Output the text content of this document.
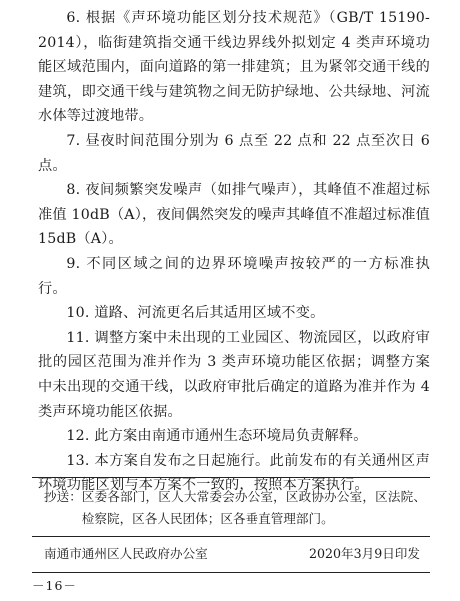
6. 根据《声环境功能区划分技术规范》（GB/T 15190-2014），临街建筑指交通干线边界线外拟划定 4 类声环境功能区域范围内，面向道路的第一排建筑；且为紧邻交通干线的建筑，即交通干线与建筑物之间无防护绿地、公共绿地、河流水体等过渡地带。

7. 昼夜时间范围分别为 6 点至 22 点和 22 点至次日 6 点。

8. 夜间频繁突发噪声（如排气噪声），其峰值不准超过标准值 10dB（A），夜间偶然突发的噪声其峰值不准超过标准值 15dB（A）。

9. 不同区域之间的边界环境噪声按较严的一方标准执行。

10. 道路、河流更名后其适用区域不变。

11. 调整方案中未出现的工业园区、物流园区，以政府审批的园区范围为准并作为 3 类声环境功能区依据；调整方案中未出现的交通干线，以政府审批后确定的道路为准并作为 4 类声环境功能区依据。

12. 此方案由南通市通州生态环境局负责解释。

13. 本方案自发布之日起施行。此前发布的有关通州区声环境功能区划与本方案不一致的，按照本方案执行。

抄送： 区委各部门，区人大常委会办公室，区政协办公室，区法院、检察院，区各人民团体；区各垂直管理部门。
南通市通州区人民政府办公室	2020年3月9日印发
－16－
